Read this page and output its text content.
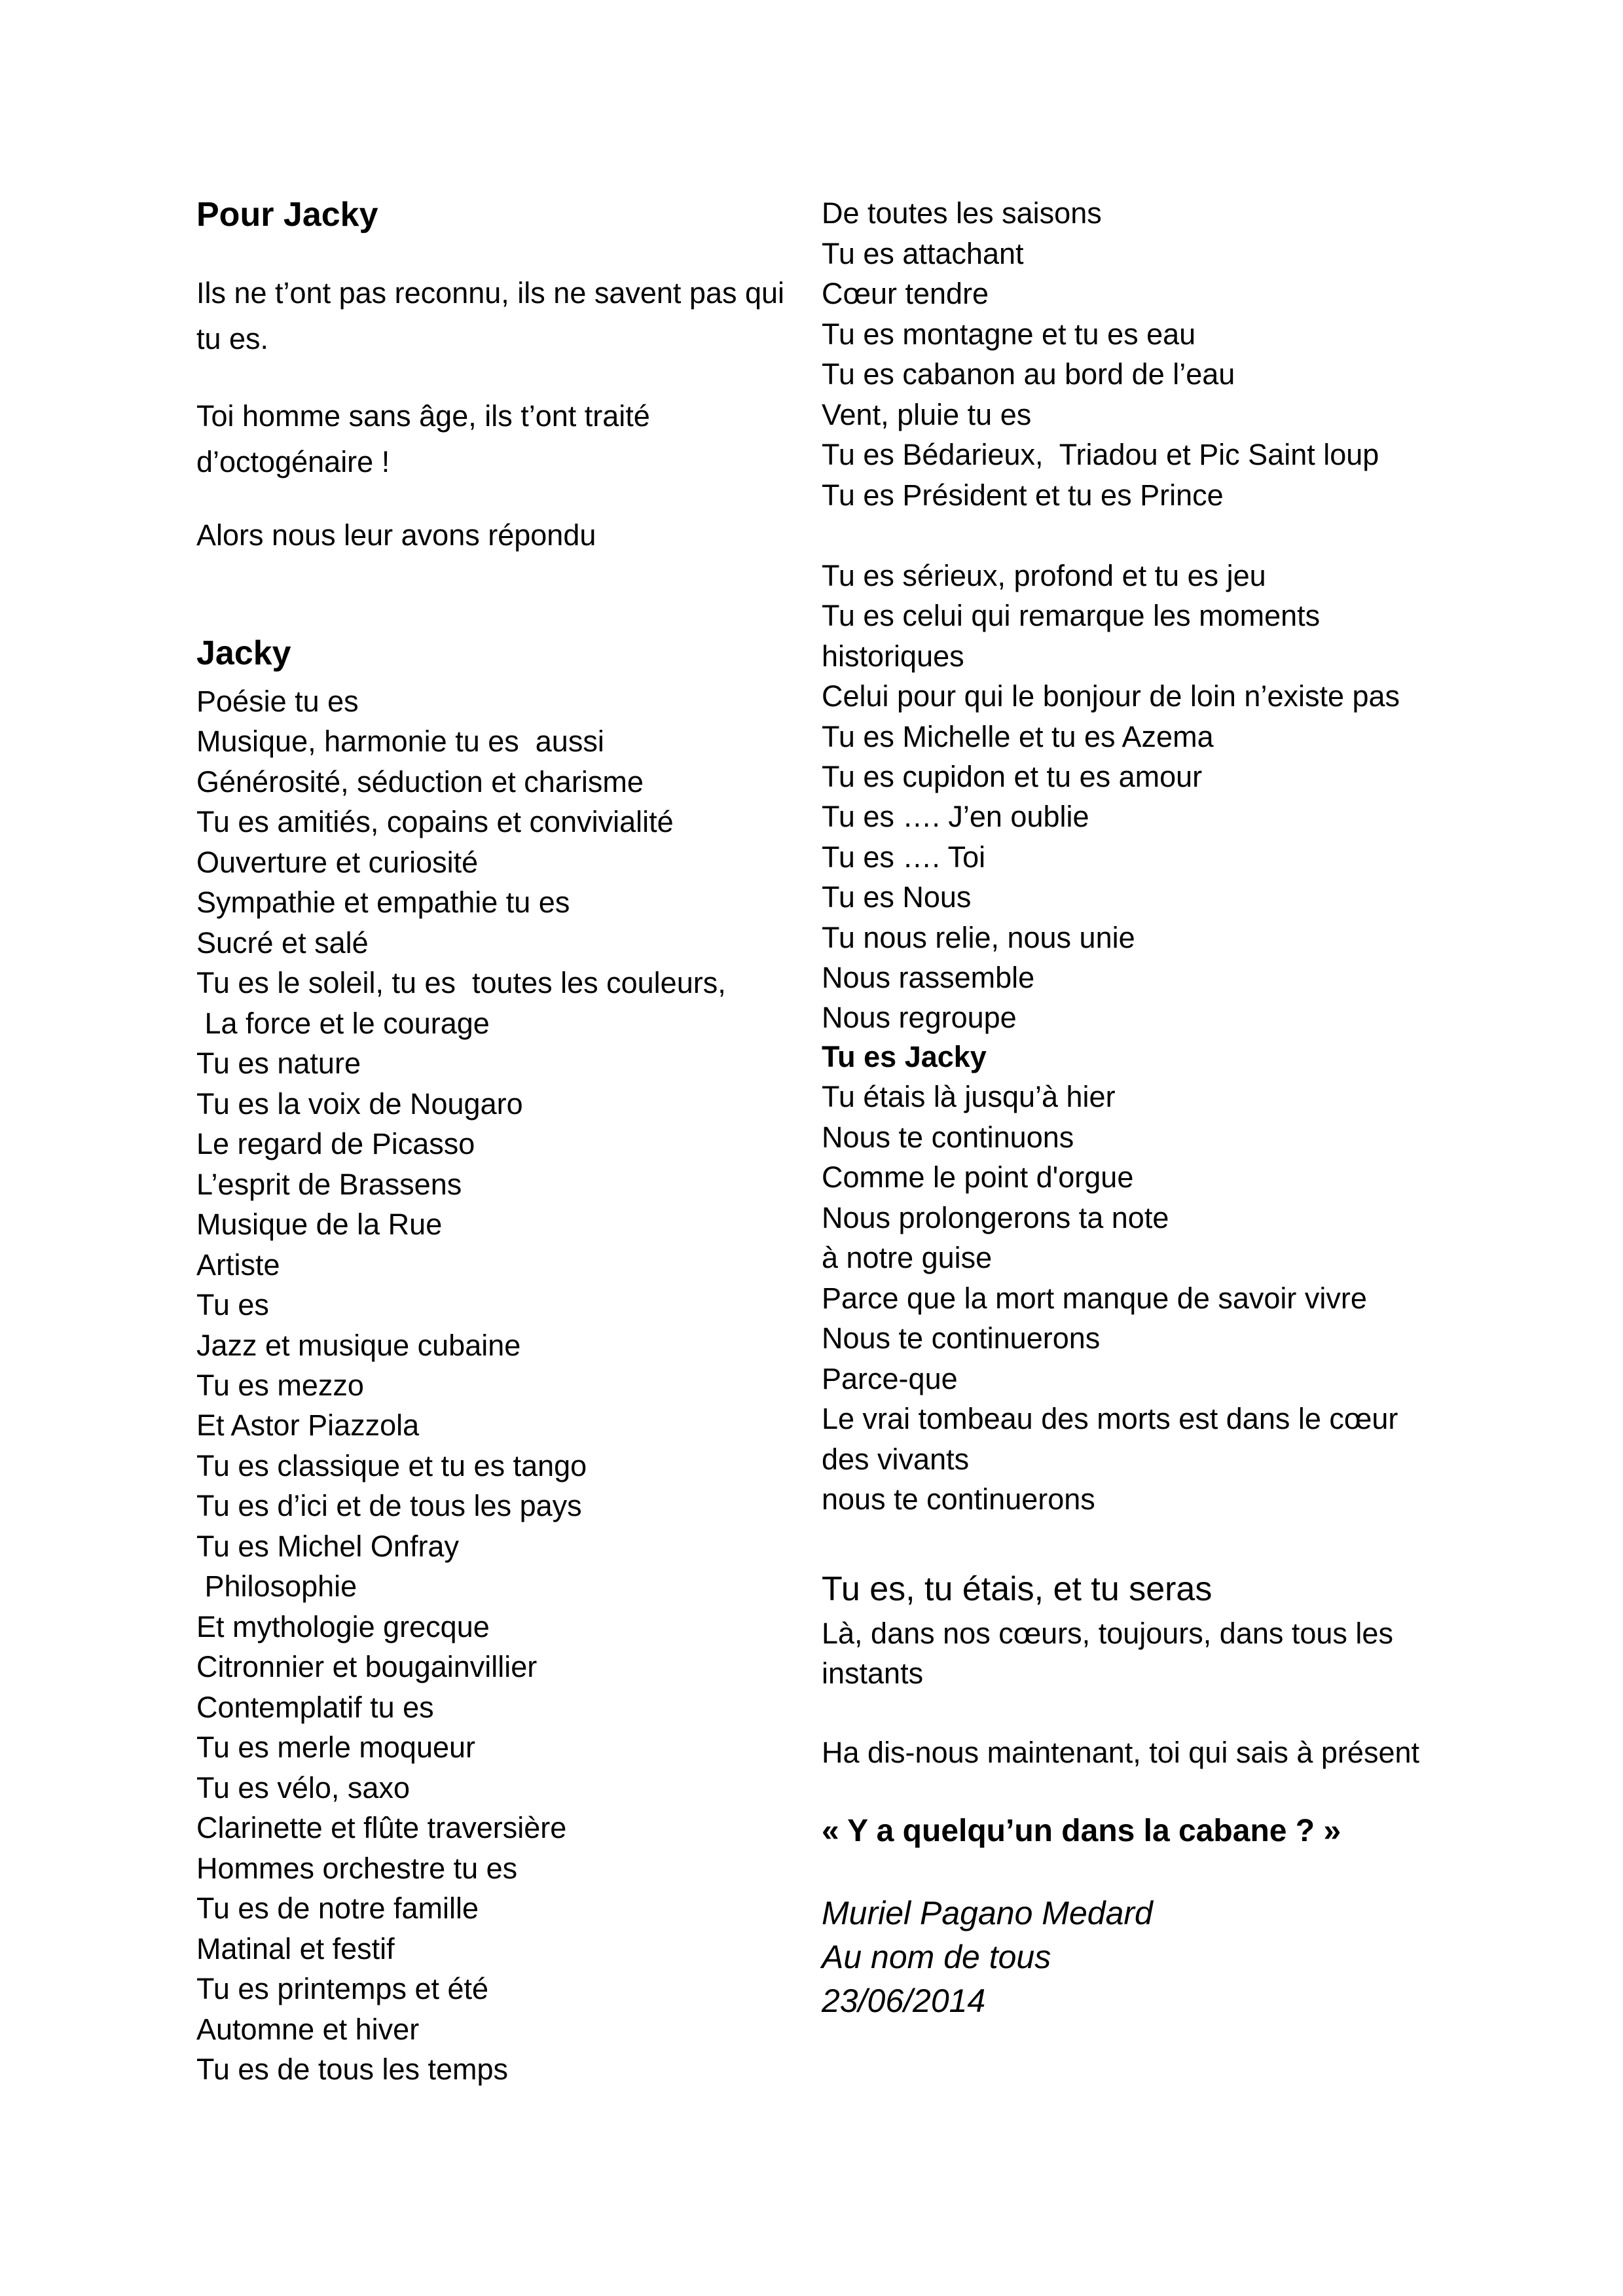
Pour Jacky
Ils ne t’ont pas reconnu, ils ne savent pas qui
tu es.
Toi homme sans âge, ils t’ont traité
d’octogénaire !
Alors nous leur avons répondu
Jacky
Poésie tu es
Musique, harmonie tu es  aussi
Générosité, séduction et charisme
Tu es amitiés, copains et convivialité
Ouverture et curiosité
Sympathie et empathie tu es
Sucré et salé
Tu es le soleil, tu es  toutes les couleurs,
La force et le courage
Tu es nature
Tu es la voix de Nougaro
Le regard de Picasso
L’esprit de Brassens
Musique de la Rue
Artiste
Tu es
Jazz et musique cubaine
Tu es mezzo
Et Astor Piazzola
Tu es classique et tu es tango
Tu es d’ici et de tous les pays
Tu es Michel Onfray
Philosophie
Et mythologie grecque
Citronnier et bougainvillier
Contemplatif tu es
Tu es merle moqueur
Tu es vélo, saxo
Clarinette et flûte traversière
Hommes orchestre tu es
Tu es de notre famille
Matinal et festif
Tu es printemps et été
Automne et hiver
Tu es de tous les temps
De toutes les saisons
Tu es attachant
Cœur tendre
Tu es montagne et tu es eau
Tu es cabanon au bord de l’eau
Vent, pluie tu es
Tu es Bédarieux,  Triadou et Pic Saint loup
Tu es Président et tu es Prince
Tu es sérieux, profond et tu es jeu
Tu es celui qui remarque les moments
historiques
Celui pour qui le bonjour de loin n’existe pas
Tu es Michelle et tu es Azema
Tu es cupidon et tu es amour
Tu es …. J’en oublie
Tu es …. Toi
Tu es Nous
Tu nous relie, nous unie
Nous rassemble
Nous regroupe
Tu es Jacky
Tu étais là jusqu’à hier
Nous te continuons
Comme le point d'orgue
Nous prolongerons ta note
à notre guise
Parce que la mort manque de savoir vivre
Nous te continuerons
Parce-que
Le vrai tombeau des morts est dans le cœur
des vivants
nous te continuerons
Tu es, tu étais, et tu seras
Là, dans nos cœurs, toujours, dans tous les
instants
Ha dis-nous maintenant, toi qui sais à présent
« Y a quelqu’un dans la cabane ? »
Muriel Pagano Medard
Au nom de tous
23/06/2014
